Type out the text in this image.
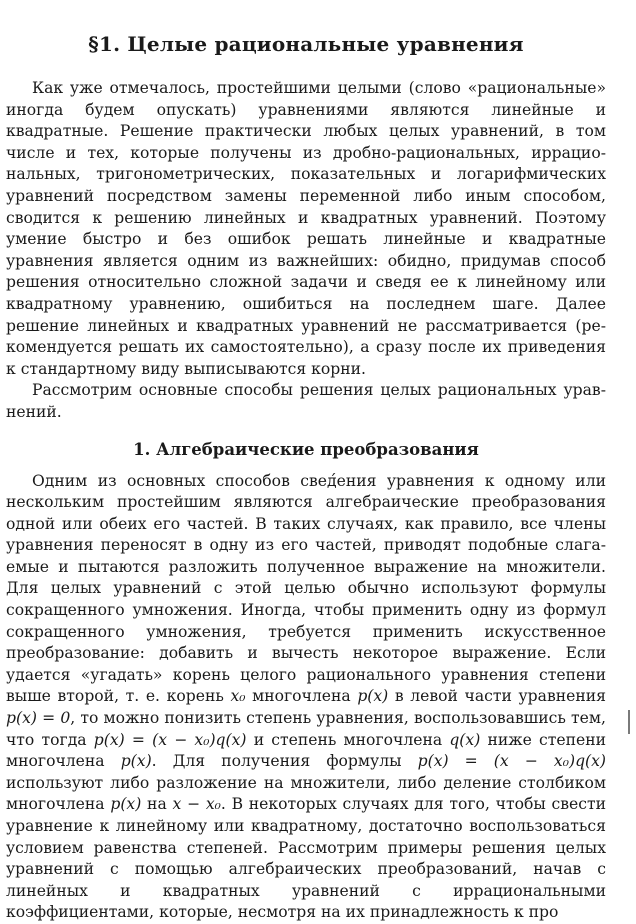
§1. Целые рациональные уравнения

Как уже отмечалось, простейшими целыми (слово «рациональные» иногда будем опускать) уравнениями являются линейные и квадратные. Решение практически любых целых уравнений, в том числе и тех, которые получены из дробно-рациональных, иррациональных, тригонометрических, показательных и логарифмических уравнений посредством замены переменной либо иным способом, сводится к решению линейных и квадратных уравнений. Поэтому умение быстро и без ошибок решать линейные и квадратные уравнения является одним из важнейших: обидно, придумав способ решения относительно сложной задачи и сведя ее к линейному или квадратному уравнению, ошибиться на последнем шаге. Далее решение линейных и квадратных уравнений не рассматривается (рекомендуется решать их самостоятельно), а сразу после их приведения к стандартному виду выписываются корни.

Рассмотрим основные способы решения целых рациональных уравнений.

1. Алгебраические преобразования

Одним из основных способов свед́ения уравнения к одному или нескольким простейшим являются алгебраические преобразования одной или обеих его частей. В таких случаях, как правило, все члены уравнения переносят в одну из его частей, приводят подобные слагаемые и пытаются разложить полученное выражение на множители. Для целых уравнений с этой целью обычно используют формулы сокращенного умножения. Иногда, чтобы применить одну из формул сокращенного умножения, требуется применить искусственное преобразование: добавить и вычесть некоторое выражение. Если удается «угадать» корень целого рационального уравнения степени выше второй, т. е. корень x₀ многочлена p(x) в левой части уравнения p(x) = 0, то можно понизить степень уравнения, воспользовавшись тем, что тогда p(x) = (x − x₀)q(x) и степень многочлена q(x) ниже степени многочлена p(x). Для получения формулы p(x) = (x − x₀)q(x) используют либо разложение на множители, либо деление столбиком многочлена p(x) на x − x₀. В некоторых случаях для того, чтобы свести уравнение к линейному или квадратному, достаточно воспользоваться условием равенства степеней. Рассмотрим примеры решения целых уравнений с помощью алгебраических преобразований, начав с линейных и квадратных уравнений с иррациональными коэффициентами, которые, несмотря на их принадлежность к про
